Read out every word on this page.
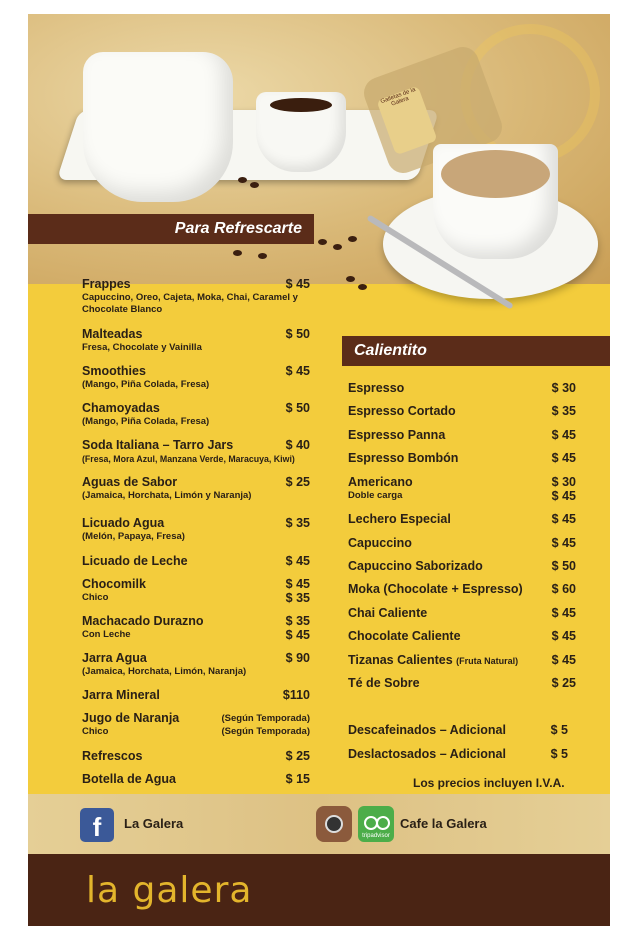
Galletas de la Galera
Para Refrescarte
Calientito
Frappes	$ 45
Capuccino, Oreo, Cajeta, Moka, Chai, Caramel y Chocolate Blanco
Malteadas	$ 50
Fresa, Chocolate y Vainilla
Smoothies	$ 45
(Mango, Piña Colada, Fresa)
Chamoyadas	$ 50
(Mango, Piña Colada, Fresa)
Soda Italiana – Tarro Jars	$ 40
(Fresa, Mora Azul, Manzana Verde, Maracuya, Kiwi)
Aguas de Sabor	$ 25
(Jamaica, Horchata, Limón y Naranja)
Licuado Agua	$ 35
(Melón, Papaya, Fresa)
Licuado de Leche	$ 45
Chocomilk	$ 45
Chico	$ 35
Machacado Durazno	$ 35
Con Leche	$ 45
Jarra Agua	$ 90
(Jamaica, Horchata, Limón, Naranja)
Jarra Mineral	$110
Jugo de Naranja	(Según Temporada)
Chico	(Según Temporada)
Refrescos	$ 25
Botella de Agua	$ 15
Espresso	$ 30
Espresso Cortado	$ 35
Espresso Panna	$ 45
Espresso Bombón	$ 45
Americano	$ 30
Doble carga	$ 45
Lechero Especial	$ 45
Capuccino	$ 45
Capuccino Saborizado	$ 50
Moka (Chocolate + Espresso) $ 60
Chai Caliente	$ 45
Chocolate Caliente	$ 45
Tizanas Calientes (Fruta Natural)	$ 45
Té de Sobre	$ 25
Descafeinados – Adicional	$ 5
Deslactosados – Adicional	$ 5
Los precios incluyen I.V.A.
f	La Galera
tripadvisor
Cafe la Galera
la galera
